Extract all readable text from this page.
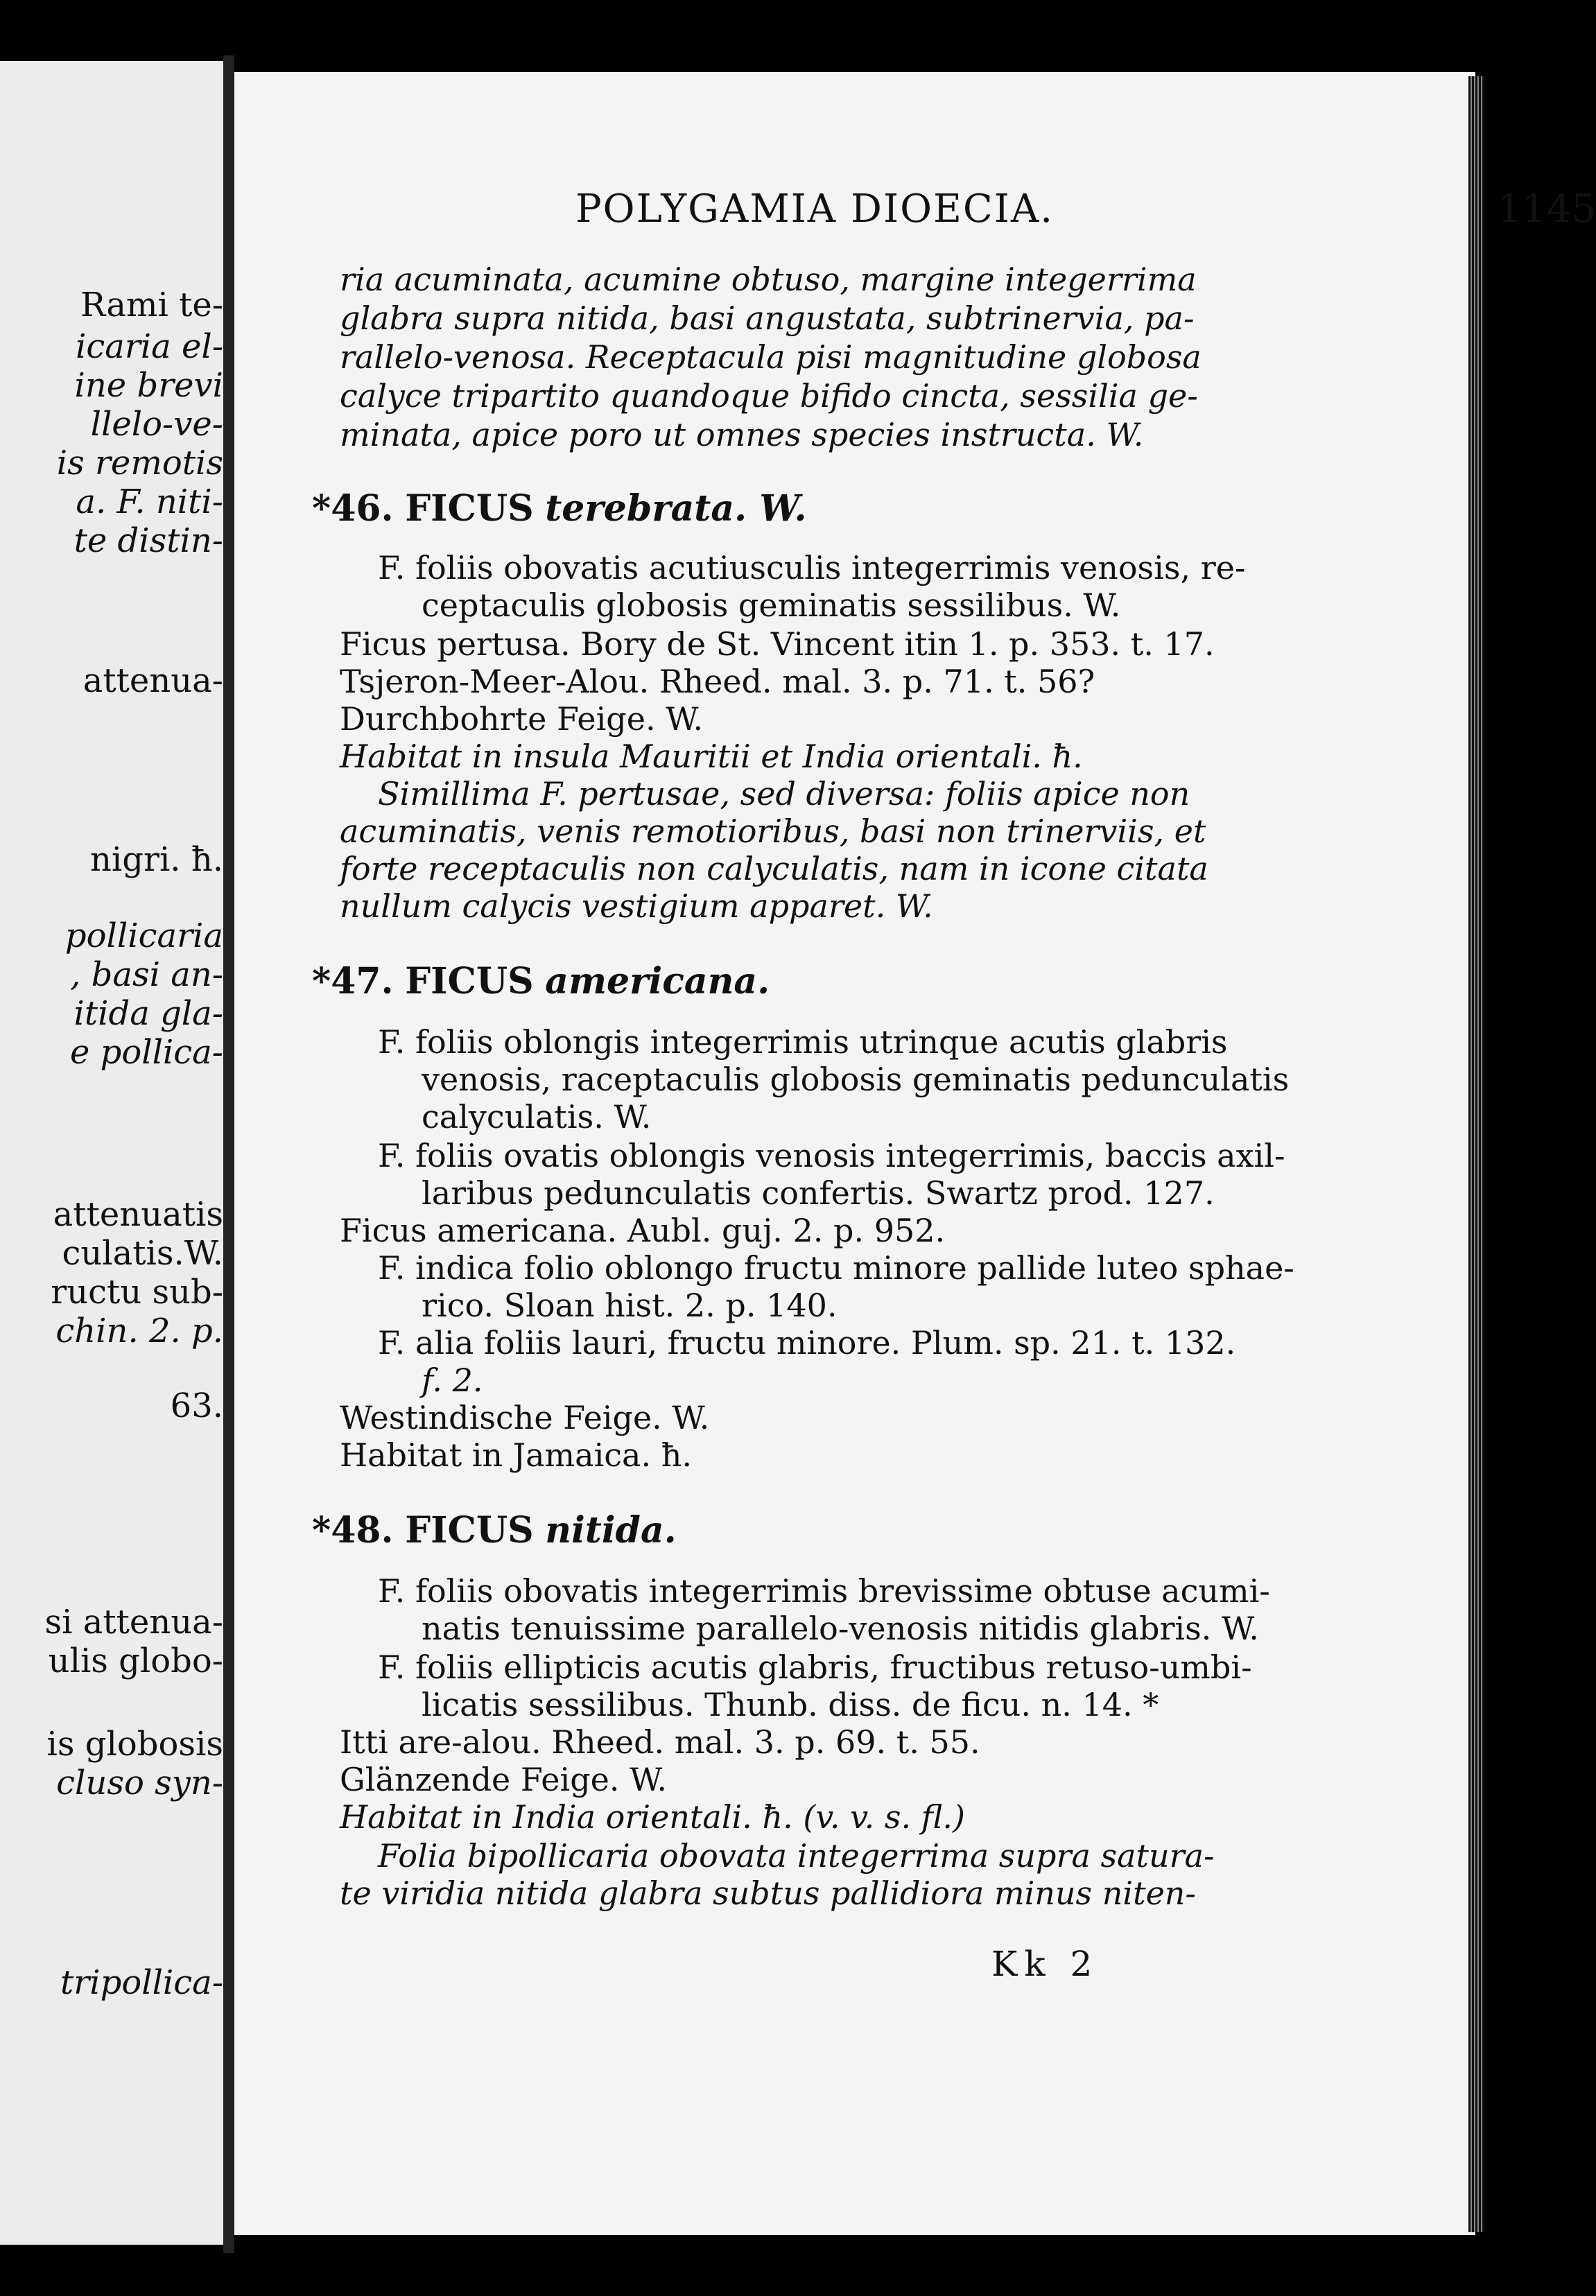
Rami te-
icaria el-
ine brevi
llelo-ve-
is remotis
a. F. niti-
te distin-
attenua-
nigri. ħ.
pollicaria
, basi an-
itida gla-
e pollica-
attenuatis
culatis.W.
ructu sub-
chin. 2. p.
63.
si attenua-
ulis globo-
is globosis
cluso syn-
tripollica-
POLYGAMIA DIOECIA.	1145
ria acuminata, acumine obtuso, margine integerrima
glabra supra nitida, basi angustata, subtrinervia, pa-
rallelo-venosa. Receptacula pisi magnitudine globosa
calyce tripartito quandoque bifido cincta, sessilia ge-
minata, apice poro ut omnes species instructa. W.
*46. FICUS terebrata. W.
F. foliis obovatis acutiusculis integerrimis venosis, re-
ceptaculis globosis geminatis sessilibus. W.
Ficus pertusa. Bory de St. Vincent itin 1. p. 353. t. 17.
Tsjeron-Meer-Alou. Rheed. mal. 3. p. 71. t. 56?
Durchbohrte Feige. W.
Habitat in insula Mauritii et India orientali. ħ.
Simillima F. pertusae, sed diversa: foliis apice non
acuminatis, venis remotioribus, basi non trinerviis, et
forte receptaculis non calyculatis, nam in icone citata
nullum calycis vestigium apparet. W.
*47. FICUS americana.
F. foliis oblongis integerrimis utrinque acutis glabris
venosis, raceptaculis globosis geminatis pedunculatis
calyculatis. W.
F. foliis ovatis oblongis venosis integerrimis, baccis axil-
laribus pedunculatis confertis. Swartz prod. 127.
Ficus americana. Aubl. guj. 2. p. 952.
F. indica folio oblongo fructu minore pallide luteo sphae-
rico. Sloan hist. 2. p. 140.
F. alia foliis lauri, fructu minore. Plum. sp. 21. t. 132.
f. 2.
Westindische Feige. W.
Habitat in Jamaica. ħ.
*48. FICUS nitida.
F. foliis obovatis integerrimis brevissime obtuse acumi-
natis tenuissime parallelo-venosis nitidis glabris. W.
F. foliis ellipticis acutis glabris, fructibus retuso-umbi-
licatis sessilibus. Thunb. diss. de ficu. n. 14. *
Itti are-alou. Rheed. mal. 3. p. 69. t. 55.
Glänzende Feige. W.
Habitat in India orientali. ħ. (v. v. s. fl.)
Folia bipollicaria obovata integerrima supra satura-
te viridia nitida glabra subtus pallidiora minus niten-
Kk 2
